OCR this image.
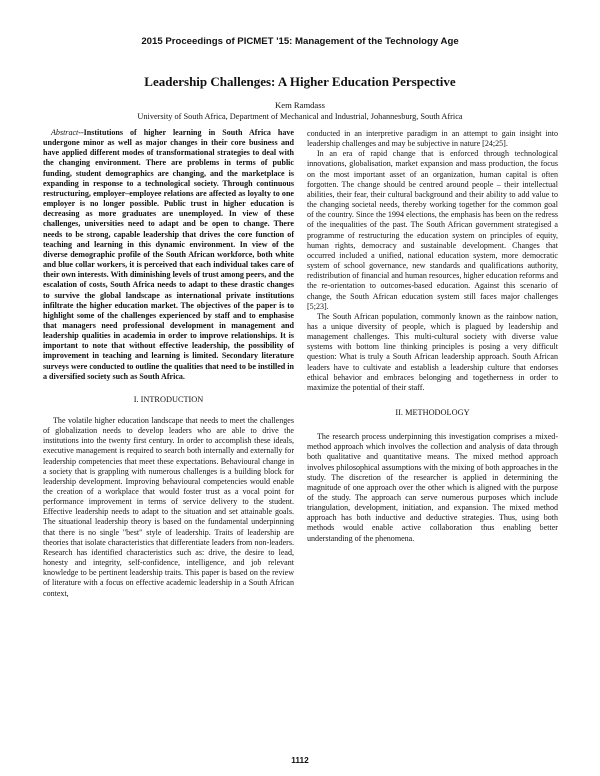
2015 Proceedings of PICMET '15: Management of the Technology Age
Leadership Challenges: A Higher Education Perspective
Kem Ramdass
University of South Africa, Department of Mechanical and Industrial, Johannesburg, South Africa

Abstract--Institutions of higher learning in South Africa have undergone minor as well as major changes in their core business and have applied different modes of transformational strategies to deal with the changing environment. There are problems in terms of public funding, student demographics are changing, and the marketplace is expanding in response to a technological society. Through continuous restructuring, employer–employee relations are affected as loyalty to one employer is no longer possible. Public trust in higher education is decreasing as more graduates are unemployed. In view of these challenges, universities need to adapt and be open to change. There needs to be strong, capable leadership that drives the core function of teaching and learning in this dynamic environment. In view of the diverse demographic profile of the South African workforce, both white and blue collar workers, it is perceived that each individual takes care of their own interests. With diminishing levels of trust among peers, and the escalation of costs, South Africa needs to adapt to these drastic changes to survive the global landscape as international private institutions infiltrate the higher education market. The objectives of the paper is to highlight some of the challenges experienced by staff and to emphasise that managers need professional development in management and leadership qualities in academia in order to improve relationships. It is important to note that without effective leadership, the possibility of improvement in teaching and learning is limited. Secondary literature surveys were conducted to outline the qualities that need to be instilled in a diversified society such as South Africa.

I. INTRODUCTION

The volatile higher education landscape that needs to meet the challenges of globalization needs to develop leaders who are able to drive the institutions into the twenty first century. In order to accomplish these ideals, executive management is required to search both internally and externally for leadership competencies that meet these expectations. Behavioural change in a society that is grappling with numerous challenges is a building block for leadership development. Improving behavioural competencies would enable the creation of a workplace that would foster trust as a vocal point for performance improvement in terms of service delivery to the student. Effective leadership needs to adapt to the situation and set attainable goals. The situational leadership theory is based on the fundamental underpinning that there is no single "best" style of leadership. Traits of leadership are theories that isolate characteristics that differentiate leaders from non-leaders. Research has identified characteristics such as: drive, the desire to lead, honesty and integrity, self-confidence, intelligence, and job relevant knowledge to be pertinent leadership traits. This paper is based on the review of literature with a focus on effective academic leadership in a South African context,

conducted in an interpretive paradigm in an attempt to gain insight into leadership challenges and may be subjective in nature [24;25].

In an era of rapid change that is enforced through technological innovations, globalisation, market expansion and mass production, the focus on the most important asset of an organization, human capital is often forgotten. The change should be centred around people – their intellectual abilities, their fear, their cultural background and their ability to add value to the changing societal needs, thereby working together for the common goal of the country. Since the 1994 elections, the emphasis has been on the redress of the inequalities of the past. The South African government strategised a programme of restructuring the education system on principles of equity, human rights, democracy and sustainable development. Changes that occurred included a unified, national education system, more democratic system of school governance, new standards and qualifications authority, redistribution of financial and human resources, higher education reforms and the re-orientation to outcomes-based education. Against this scenario of change, the South African education system still faces major challenges [5;23].

The South African population, commonly known as the rainbow nation, has a unique diversity of people, which is plagued by leadership and management challenges. This multi-cultural society with diverse value systems with bottom line thinking principles is posing a very difficult question: What is truly a South African leadership approach. South African leaders have to cultivate and establish a leadership culture that endorses ethical behavior and embraces belonging and togetherness in order to maximize the potential of their staff.

II. METHODOLOGY

The research process underpinning this investigation comprises a mixed-method approach which involves the collection and analysis of data through both qualitative and quantitative means. The mixed method approach involves philosophical assumptions with the mixing of both approaches in the study. The discretion of the researcher is applied in determining the magnitude of one approach over the other which is aligned with the purpose of the study. The approach can serve numerous purposes which include triangulation, development, initiation, and expansion. The mixed method approach has both inductive and deductive strategies. Thus, using both methods would enable active collaboration thus enabling better understanding of the phenomena.

1112
